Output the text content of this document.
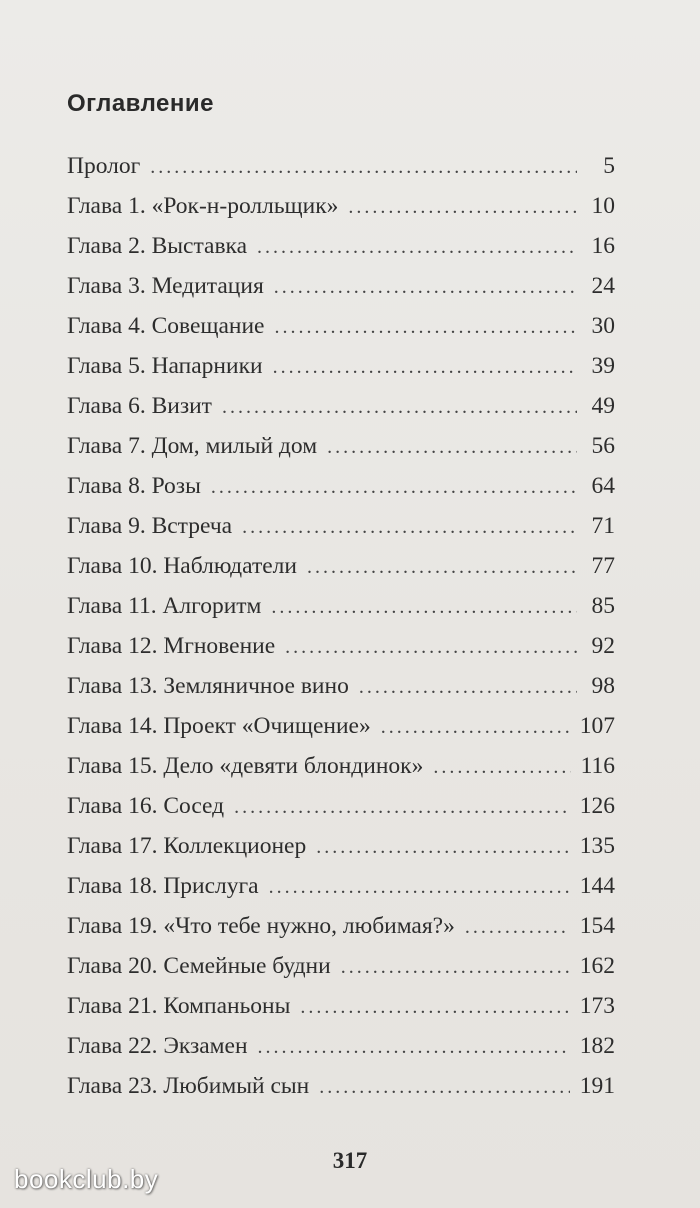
Оглавление
Пролог .....	5
Глава 1. «Рок-н-ролльщик» .....	10
Глава 2. Выставка .....	16
Глава 3. Медитация .....	24
Глава 4. Совещание .....	30
Глава 5. Напарники .....	39
Глава 6. Визит .....	49
Глава 7. Дом, милый дом .....	56
Глава 8. Розы .....	64
Глава 9. Встреча .....	71
Глава 10. Наблюдатели .....	77
Глава 11. Алгоритм .....	85
Глава 12. Мгновение .....	92
Глава 13. Земляничное вино .....	98
Глава 14. Проект «Очищение» .....	107
Глава 15. Дело «девяти блондинок» .....	116
Глава 16. Сосед .....	126
Глава 17. Коллекционер .....	135
Глава 18. Прислуга .....	144
Глава 19. «Что тебе нужно, любимая?» .....	154
Глава 20. Семейные будни .....	162
Глава 21. Компаньоны .....	173
Глава 22. Экзамен .....	182
Глава 23. Любимый сын .....	191
317
bookclub.by
